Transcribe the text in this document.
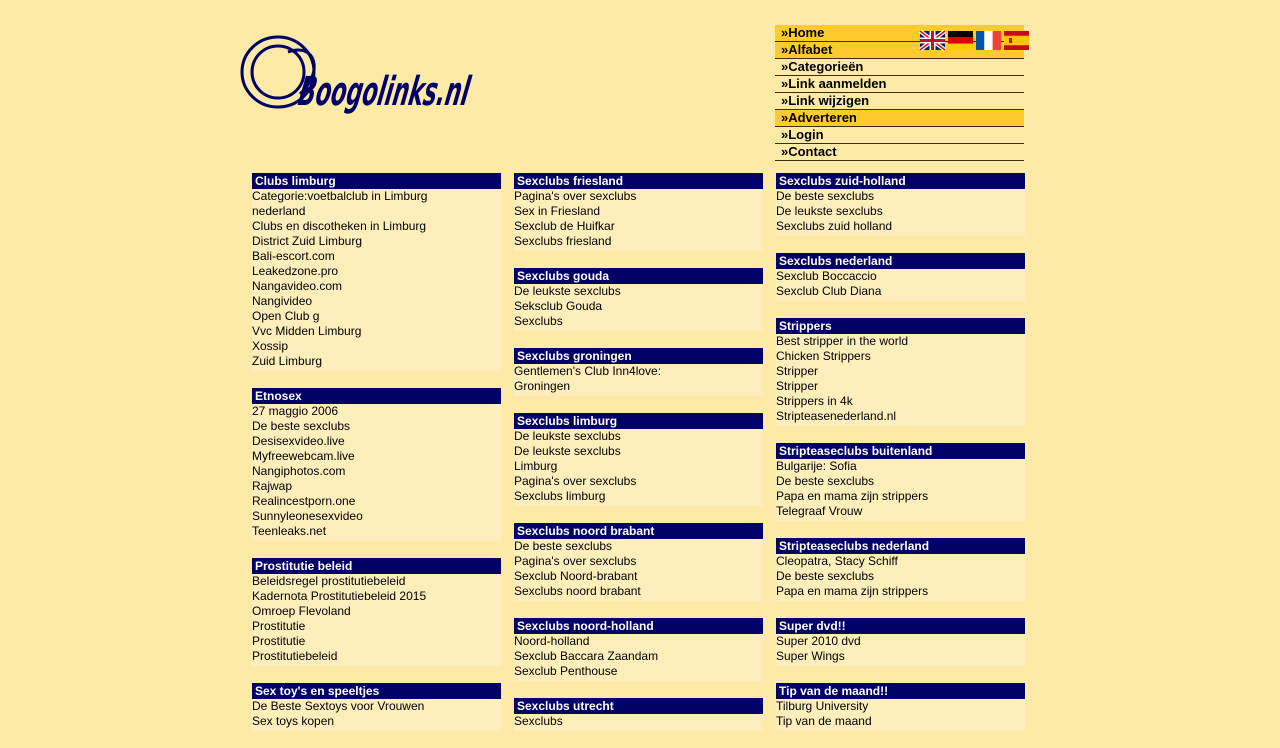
Boogolinks.nl
»Home
»Alfabet
»Categorieën
»Link aanmelden
»Link wijzigen
»Adverteren
»Login
»Contact
Clubs limburg
Categorie:voetbalclub in Limburg
nederland
Clubs en discotheken in Limburg
District Zuid Limburg
Bali-escort.com
Leakedzone.pro
Nangavideo.com
Nangivideo
Open Club g
Vvc Midden Limburg
Xossip
Zuid Limburg
Etnosex
27 maggio 2006
De beste sexclubs
Desisexvideo.live
Myfreewebcam.live
Nangiphotos.com
Rajwap
Realincestporn.one
Sunnyleonesexvideo
Teenleaks.net
Prostitutie beleid
Beleidsregel prostitutiebeleid
Kadernota Prostitutiebeleid 2015
Omroep Flevoland
Prostitutie
Prostitutie
Prostitutiebeleid
Sex toy's en speeltjes
De Beste Sextoys voor Vrouwen
Sex toys kopen
Sexclubs friesland
Pagina's over sexclubs
Sex in Friesland
Sexclub de Huifkar
Sexclubs friesland
Sexclubs gouda
De leukste sexclubs
Seksclub Gouda
Sexclubs
Sexclubs groningen
Gentlemen's Club Inn4love:
Groningen
Sexclubs limburg
De leukste sexclubs
De leukste sexclubs
Limburg
Pagina's over sexclubs
Sexclubs limburg
Sexclubs noord brabant
De beste sexclubs
Pagina's over sexclubs
Sexclub Noord-brabant
Sexclubs noord brabant
Sexclubs noord-holland
Noord-holland
Sexclub Baccara Zaandam
Sexclub Penthouse
Sexclubs utrecht
Sexclubs
Sexclubs zuid-holland
De beste sexclubs
De leukste sexclubs
Sexclubs zuid holland
Sexclubs nederland
Sexclub Boccaccio
Sexclub Club Diana
Strippers
Best stripper in the world
Chicken Strippers
Stripper
Stripper
Strippers in 4k
Stripteasenederland.nl
Stripteaseclubs buitenland
Bulgarije: Sofia
De beste sexclubs
Papa en mama zijn strippers
Telegraaf Vrouw
Stripteaseclubs nederland
Cleopatra, Stacy Schiff
De beste sexclubs
Papa en mama zijn strippers
Super dvd!!
Super 2010 dvd
Super Wings
Tip van de maand!!
Tilburg University
Tip van de maand
